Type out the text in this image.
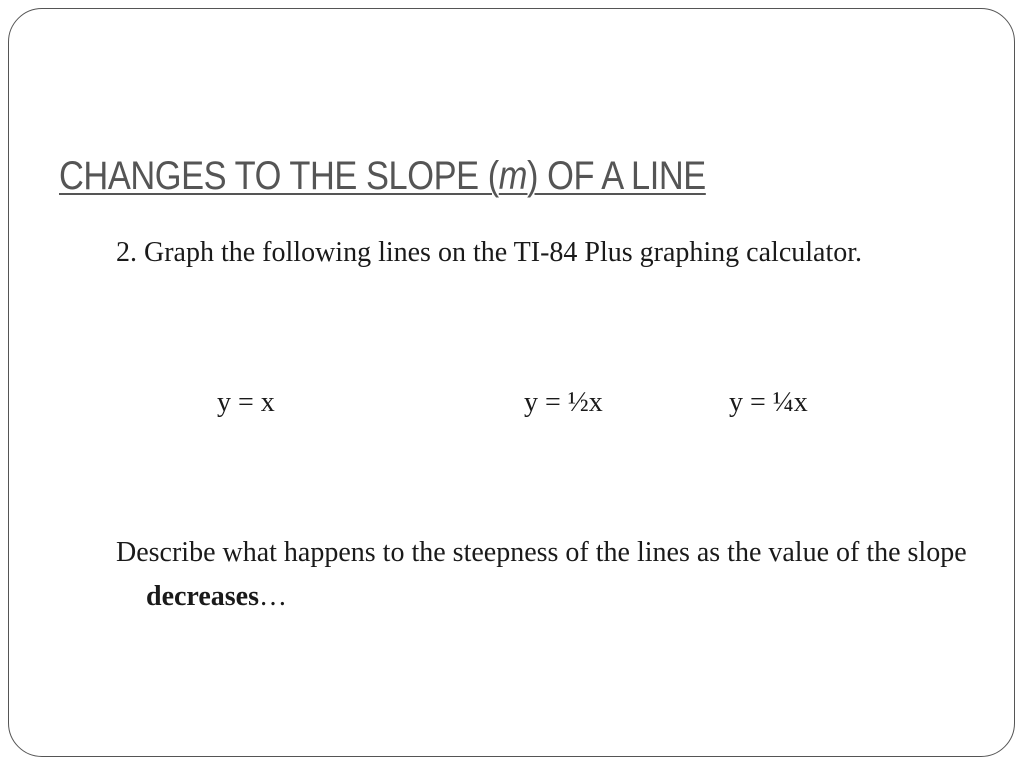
CHANGES TO THE SLOPE (m) OF A LINE

2. Graph the following lines on the TI-84 Plus graphing calculator.

y = x	y = ½x	y = ¼x

Describe what happens to the steepness of the lines as the value of the slope decreases…
